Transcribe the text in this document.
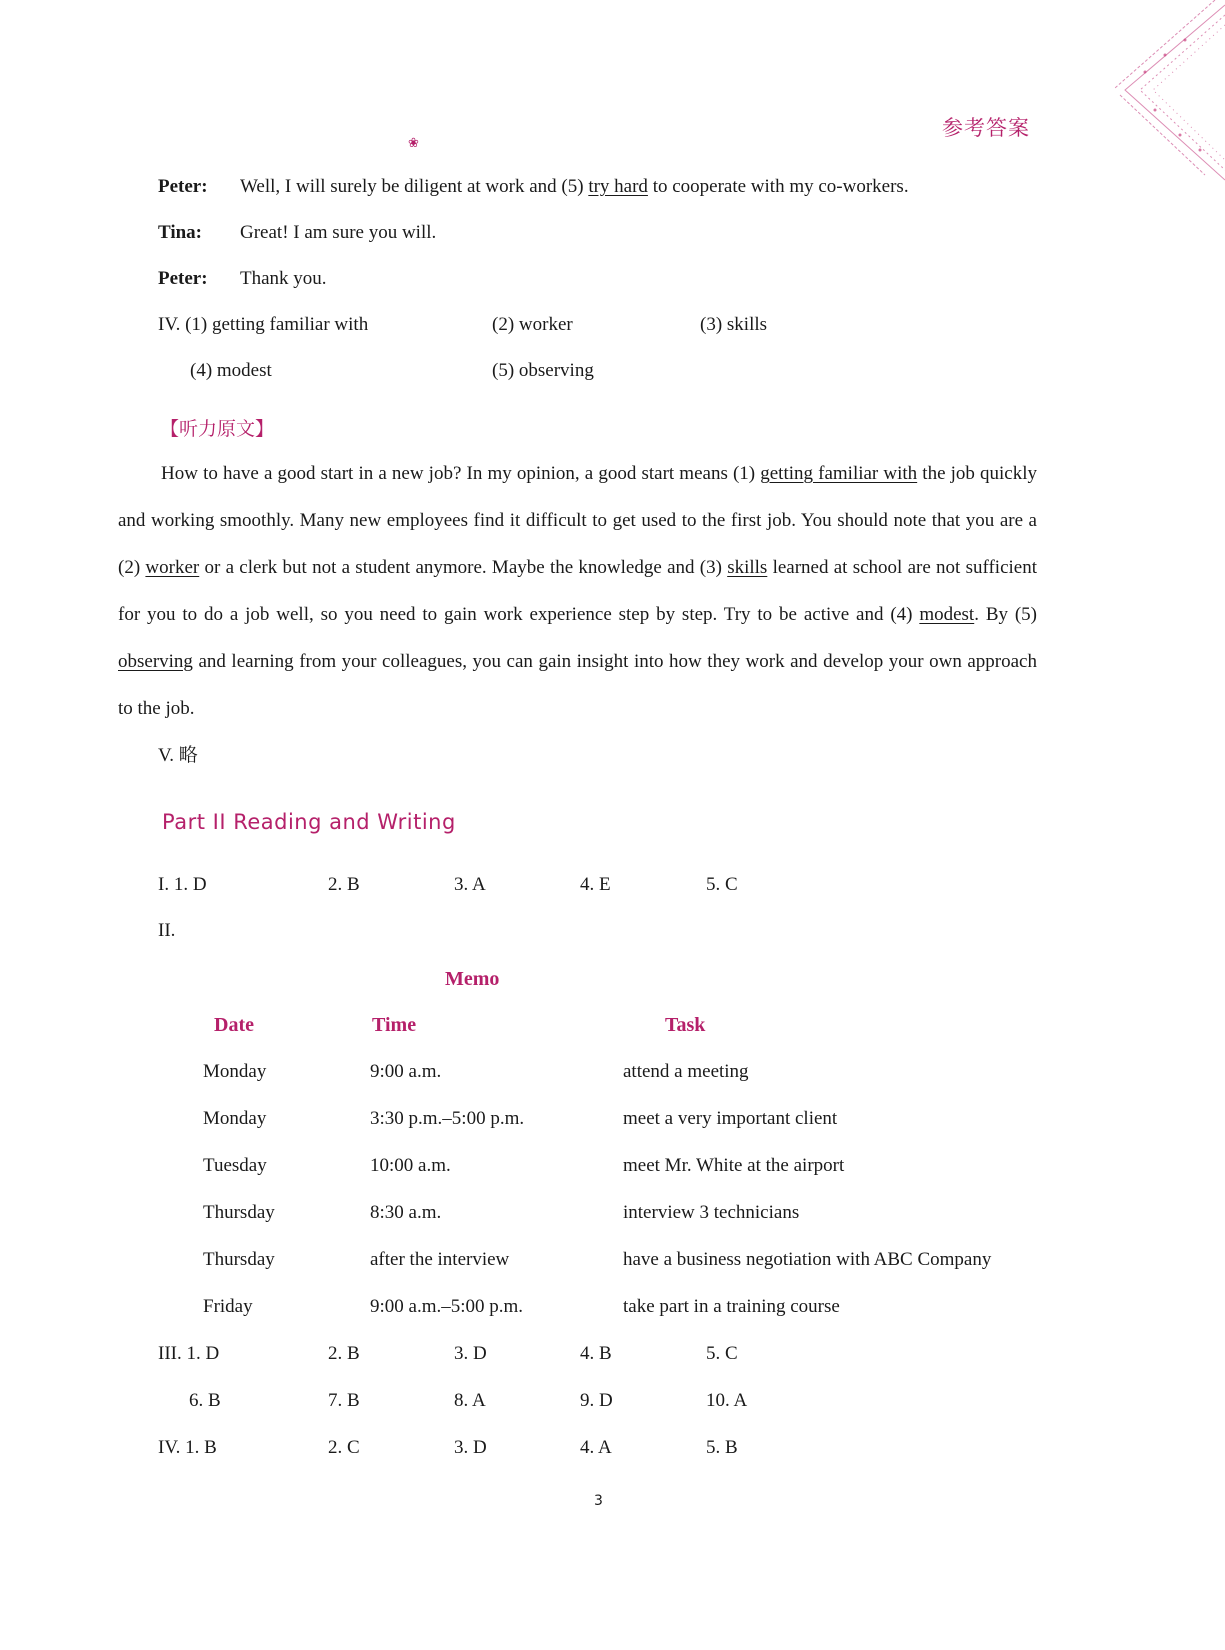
参考答案
❀
Peter: Well, I will surely be diligent at work and (5) try hard to cooperate with my co-workers.
Tina: Great! I am sure you will.
Peter: Thank you.
IV. (1) getting familiar with	(2) worker	(3) skills
(4) modest	(5) observing
【听力原文】

How to have a good start in a new job? In my opinion, a good start means (1) getting familiar with the job quickly and working smoothly. Many new employees find it difficult to get used to the first job. You should note that you are a (2) worker or a clerk but not a student anymore. Maybe the knowledge and (3) skills learned at school are not sufficient for you to do a job well, so you need to gain work experience step by step. Try to be active and (4) modest. By (5) observing and learning from your colleagues, you can gain insight into how they work and develop your own approach to the job.

V. 略
Part II Reading and Writing
I. 1. D	2. B	3. A	4. E	5. C
II.
Memo
Date	Time	Task
Monday	9:00 a.m.	attend a meeting
Monday	3:30 p.m.–5:00 p.m.	meet a very important client
Tuesday	10:00 a.m.	meet Mr. White at the airport
Thursday	8:30 a.m.	interview 3 technicians
Thursday	after the interview	have a business negotiation with ABC Company
Friday	9:00 a.m.–5:00 p.m.	take part in a training course
III. 1. D	2. B	3. D	4. B	5. C
6. B	7. B	8. A	9. D	10. A
IV. 1. B	2. C	3. D	4. A	5. B
3
